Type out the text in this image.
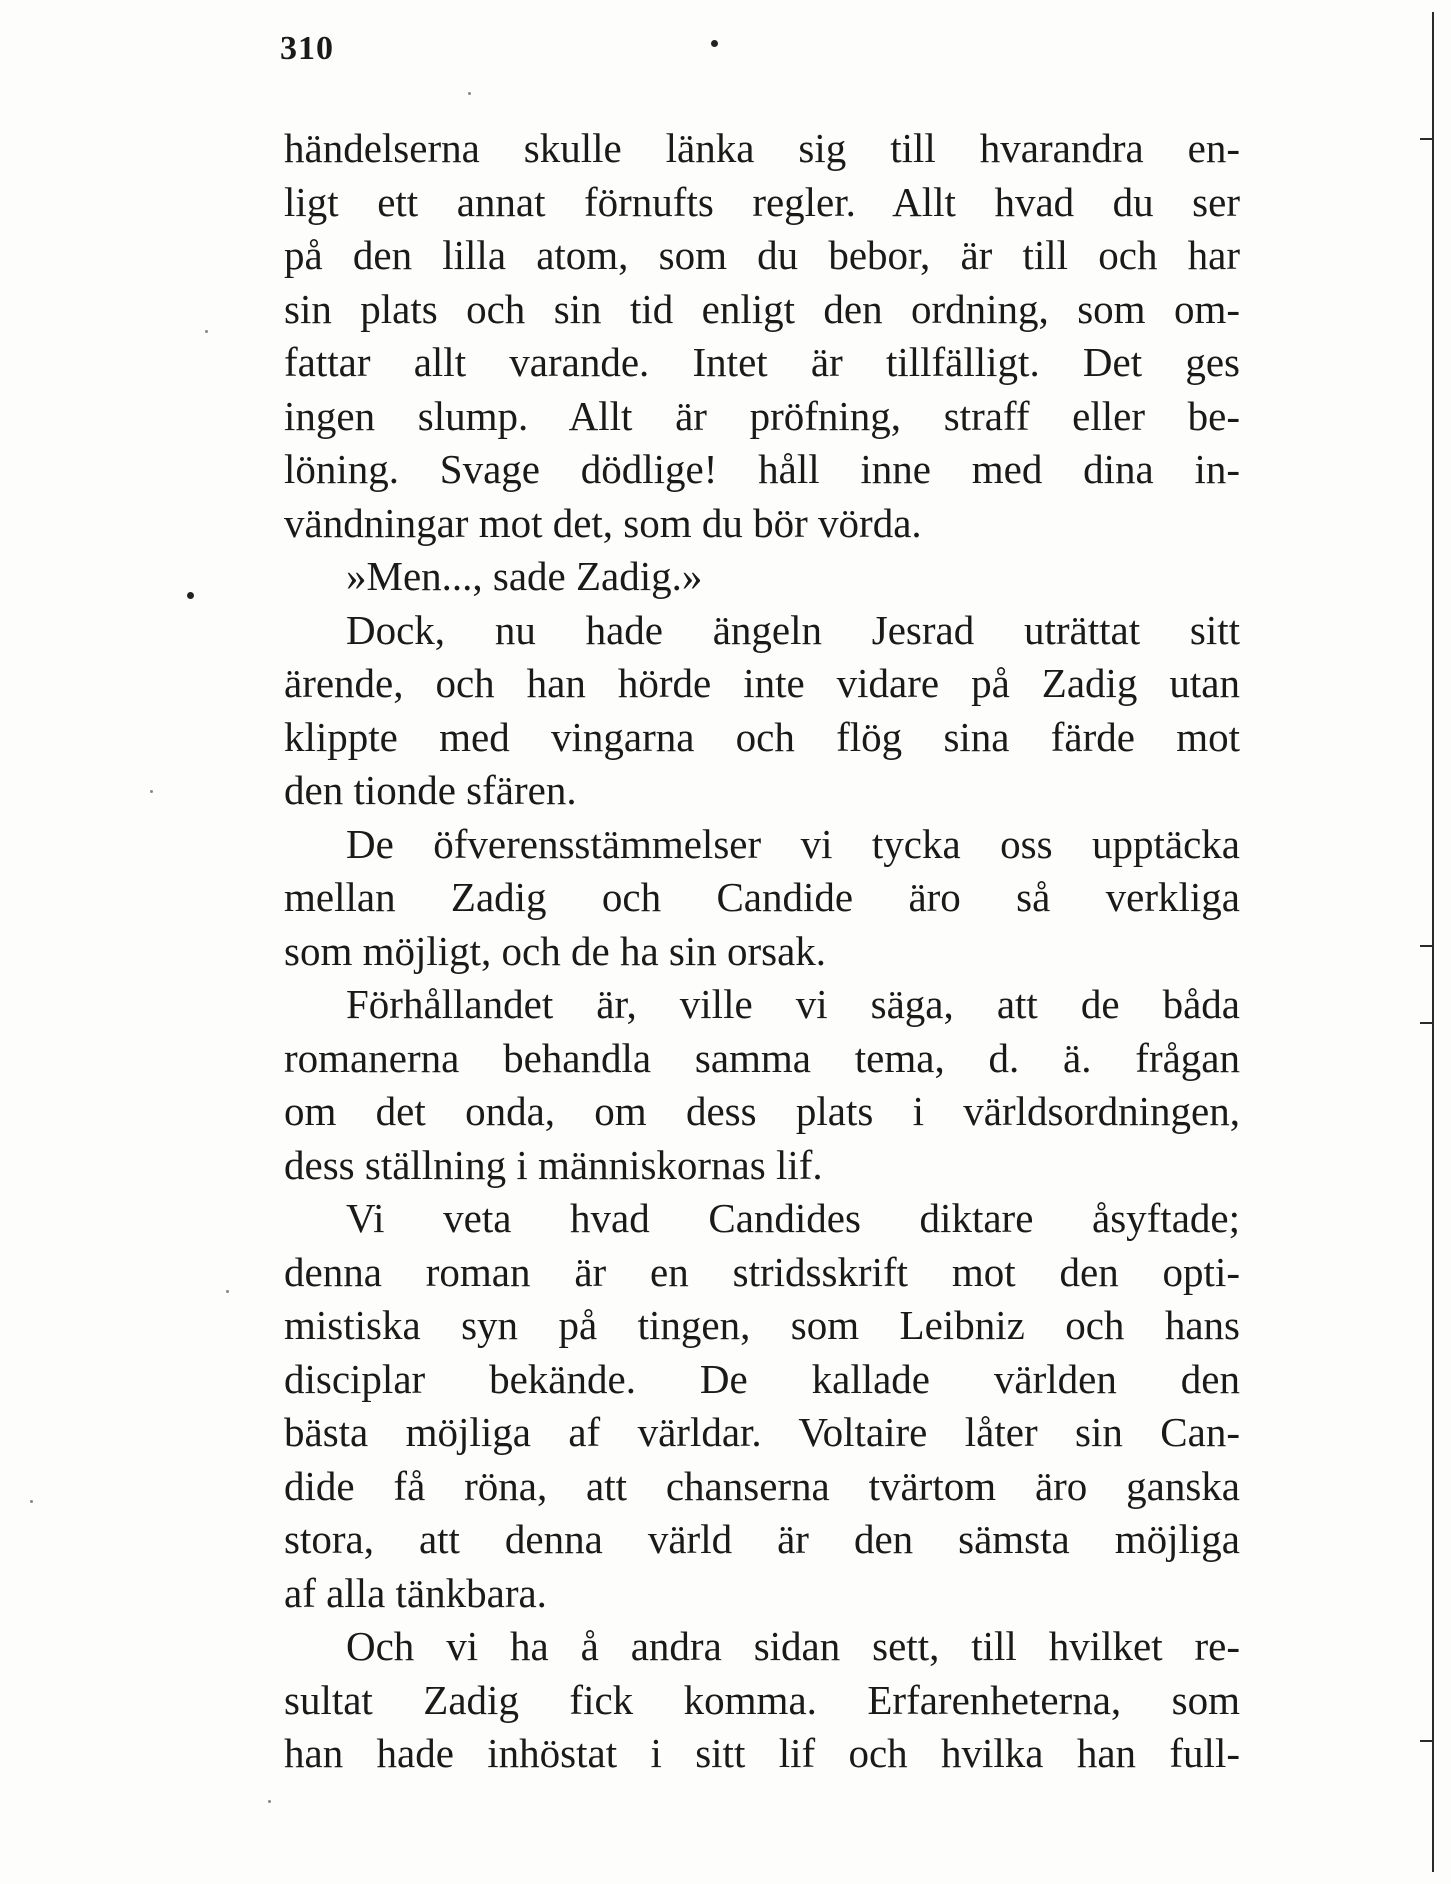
310
händelserna skulle länka sig till hvarandra en-
ligt ett annat förnufts regler. Allt hvad du ser
på den lilla atom, som du bebor, är till och har
sin plats och sin tid enligt den ordning, som om-
fattar allt varande. Intet är tillfälligt. Det ges
ingen slump. Allt är pröfning, straff eller be-
löning. Svage dödlige! håll inne med dina in-
vändningar mot det, som du bör vörda.
»Men..., sade Zadig.»
Dock, nu hade ängeln Jesrad uträttat sitt
ärende, och han hörde inte vidare på Zadig utan
klippte med vingarna och flög sina färde mot
den tionde sfären.
De öfverensstämmelser vi tycka oss upptäcka
mellan Zadig och Candide äro så verkliga
som möjligt, och de ha sin orsak.
Förhållandet är, ville vi säga, att de båda
romanerna behandla samma tema, d. ä. frågan
om det onda, om dess plats i världsordningen,
dess ställning i människornas lif.
Vi veta hvad Candides diktare åsyftade;
denna roman är en stridsskrift mot den opti-
mistiska syn på tingen, som Leibniz och hans
disciplar bekände. De kallade världen den
bästa möjliga af världar. Voltaire låter sin Can-
dide få röna, att chanserna tvärtom äro ganska
stora, att denna värld är den sämsta möjliga
af alla tänkbara.
Och vi ha å andra sidan sett, till hvilket re-
sultat Zadig fick komma. Erfarenheterna, som
han hade inhöstat i sitt lif och hvilka han full-
